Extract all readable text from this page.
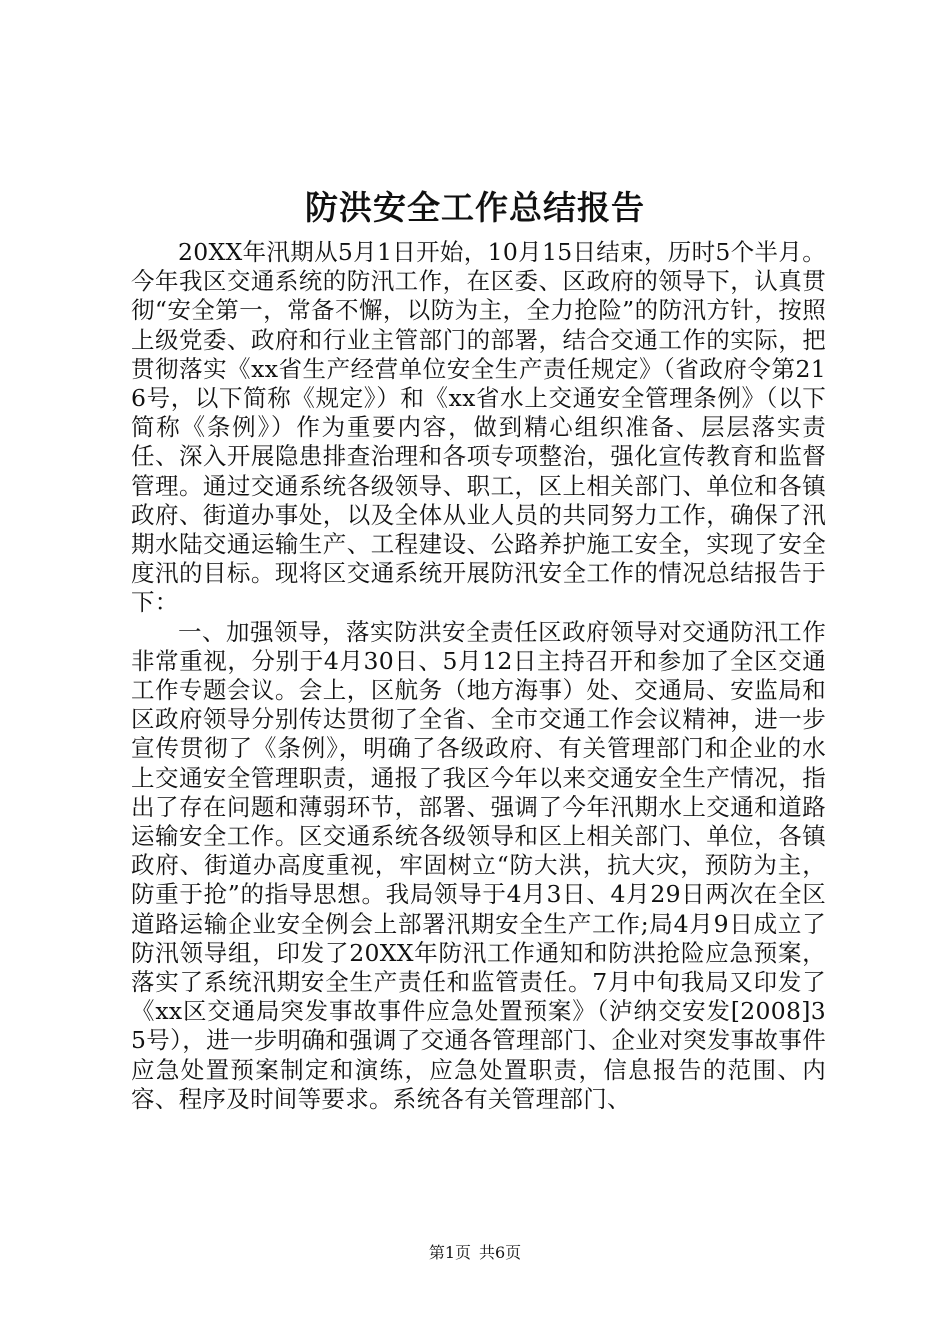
防洪安全工作总结报告

20XX年汛期从5月1日开始，10月15日结束，历时5个半月。今年我区交通系统的防汛工作，在区委、区政府的领导下，认真贯彻“安全第一，常备不懈，以防为主，全力抢险”的防汛方针，按照上级党委、政府和行业主管部门的部署，结合交通工作的实际，把贯彻落实《xx省生产经营单位安全生产责任规定》（省政府令第216号，以下简称《规定》）和《xx省水上交通安全管理条例》（以下简称《条例》）作为重要内容，做到精心组织准备、层层落实责任、深入开展隐患排查治理和各项专项整治，强化宣传教育和监督管理。通过交通系统各级领导、职工，区上相关部门、单位和各镇政府、街道办事处，以及全体从业人员的共同努力工作，确保了汛期水陆交通运输生产、工程建设、公路养护施工安全，实现了安全度汛的目标。现将区交通系统开展防汛安全工作的情况总结报告于下：

一、加强领导，落实防洪安全责任区政府领导对交通防汛工作非常重视，分别于4月30日、5月12日主持召开和参加了全区交通工作专题会议。会上，区航务（地方海事）处、交通局、安监局和区政府领导分别传达贯彻了全省、全市交通工作会议精神，进一步宣传贯彻了《条例》，明确了各级政府、有关管理部门和企业的水上交通安全管理职责，通报了我区今年以来交通安全生产情况，指出了存在问题和薄弱环节，部署、强调了今年汛期水上交通和道路运输安全工作。区交通系统各级领导和区上相关部门、单位，各镇政府、街道办高度重视，牢固树立“防大洪，抗大灾，预防为主，防重于抢”的指导思想。我局领导于4月3日、4月29日两次在全区道路运输企业安全例会上部署汛期安全生产工作;局4月9日成立了防汛领导组，印发了20XX年防汛工作通知和防洪抢险应急预案，落实了系统汛期安全生产责任和监管责任。7月中旬我局又印发了《xx区交通局突发事故事件应急处置预案》（泸纳交安发[2008]35号），进一步明确和强调了交通各管理部门、企业对突发事故事件应急处置预案制定和演练，应急处置职责，信息报告的范围、内容、程序及时间等要求。系统各有关管理部门、

第1页 共6页
